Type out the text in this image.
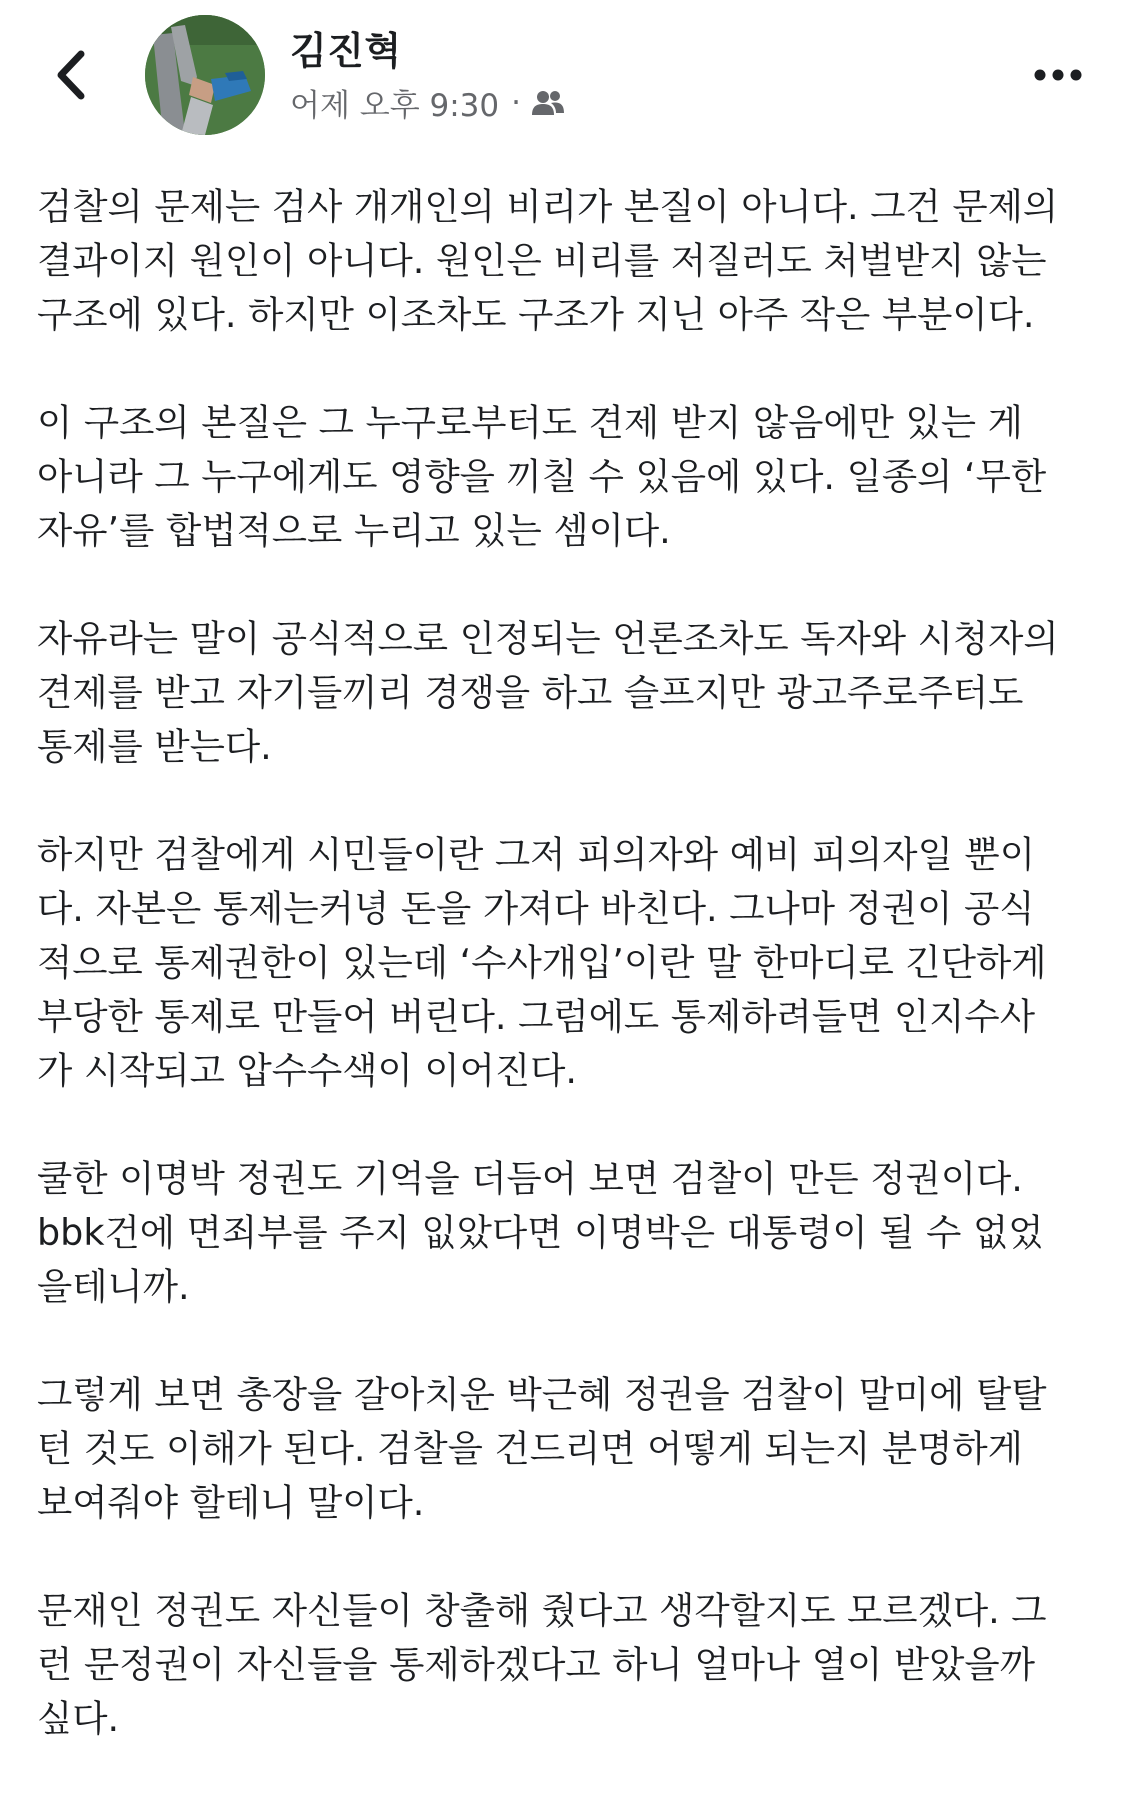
김진혁
어제 오후 9:30 ·
검찰의 문제는 검사 개개인의 비리가 본질이 아니다. 그건 문제의
결과이지 원인이 아니다. 원인은 비리를 저질러도 처벌받지 않는
구조에 있다. 하지만 이조차도 구조가 지닌 아주 작은 부분이다.
이 구조의 본질은 그 누구로부터도 견제 받지 않음에만 있는 게
아니라 그 누구에게도 영향을 끼칠 수 있음에 있다. 일종의 ‘무한
자유’를 합법적으로 누리고 있는 셈이다.
자유라는 말이 공식적으로 인정되는 언론조차도 독자와 시청자의
견제를 받고 자기들끼리 경쟁을 하고 슬프지만 광고주로주터도
통제를 받는다.
하지만 검찰에게 시민들이란 그저 피의자와 예비 피의자일 뿐이
다. 자본은 통제는커녕 돈을 가져다 바친다. 그나마 정권이 공식
적으로 통제권한이 있는데 ‘수사개입’이란 말 한마디로 긴단하게
부당한 통제로 만들어 버린다. 그럼에도 통제하려들면 인지수사
가 시작되고 압수수색이 이어진다.
쿨한 이명박 정권도 기억을 더듬어 보면 검찰이 만든 정권이다.
bbk건에 면죄부를 주지 잆았다면 이명박은 대통령이 될 수 없었
을테니까.
그렇게 보면 총장을 갈아치운 박근혜 정권을 검찰이 말미에 탈탈
턴 것도 이해가 된다. 검찰을 건드리면 어떻게 되는지 분명하게
보여줘야 할테니 말이다.
문재인 정권도 자신들이 창출해 줬다고 생각할지도 모르겠다. 그
런 문정권이 자신들을 통제하겠다고 하니 얼마나 열이 받았을까
싶다.
